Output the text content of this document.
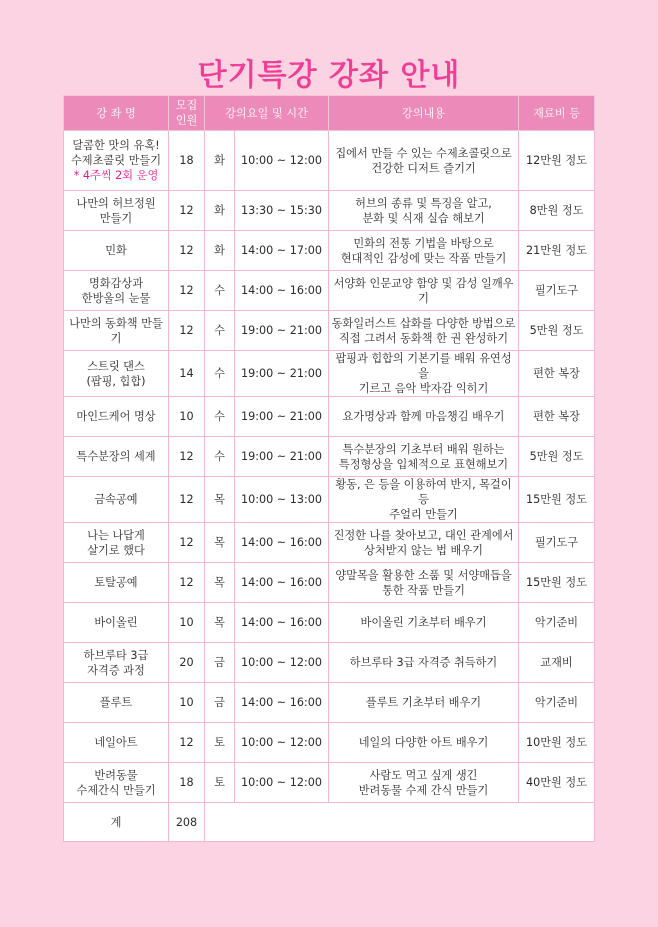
단기특강 강좌 안내
강 좌 명	모집
인원	강의요일 및 시간		강의내용	재료비 등

달콤한 맛의 유혹!
수제초콜릿 만들기
* 4주씩 2회 운영	18	화	10:00 ~ 12:00	집에서 만들 수 있는 수제초콜릿으로
건강한 디저트 즐기기	12만원 정도

나만의 허브정원
만들기	12	화	13:30 ~ 15:30	허브의 종류 및 특징을 알고,
분화 및 식재 실습 해보기	8만원 정도

민화	12	화	14:00 ~ 17:00	민화의 전통 기법을 바탕으로
현대적인 감성에 맞는 작품 만들기	21만원 정도

명화감상과
한방울의 눈물	12	수	14:00 ~ 16:00	서양화 인문교양 함양 및 감성 일깨우기	필기도구

나만의 동화책 만들기	12	수	19:00 ~ 21:00	동화일러스트 삽화를 다양한 방법으로
직접 그려서 동화책 한 권 완성하기	5만원 정도

스트릿 댄스
(팝핑, 힙합)	14	수	19:00 ~ 21:00	팝핑과 힙합의 기본기를 배워 유연성을
기르고 음악 박자감 익히기	편한 복장

마인드케어 명상	10	수	19:00 ~ 21:00	요가명상과 함께 마음챙김 배우기	편한 복장

특수분장의 세계	12	수	19:00 ~ 21:00	특수분장의 기초부터 배워 원하는
특정형상을 입체적으로 표현해보기	5만원 정도

금속공예	12	목	10:00 ~ 13:00	황동, 은 등을 이용하여 반지, 목걸이 등
주얼리 만들기	15만원 정도

나는 나답게
살기로 했다	12	목	14:00 ~ 16:00	진정한 나를 찾아보고, 대인 관계에서
상처받지 않는 법 배우기	필기도구

토탈공예	12	목	14:00 ~ 16:00	양말목을 활용한 소품 및 서양매듭을
통한 작품 만들기	15만원 정도

바이올린	10	목	14:00 ~ 16:00	바이올린 기초부터 배우기	악기준비

하브루타 3급
자격증 과정	20	금	10:00 ~ 12:00	하브루타 3급 자격증 취득하기	교재비

플루트	10	금	14:00 ~ 16:00	플루트 기초부터 배우기	악기준비

네일아트	12	토	10:00 ~ 12:00	네일의 다양한 아트 배우기	10만원 정도

반려동물
수제간식 만들기	18	토	10:00 ~ 12:00	사람도 먹고 싶게 생긴
반려동물 수제 간식 만들기	40만원 정도
계	208				
